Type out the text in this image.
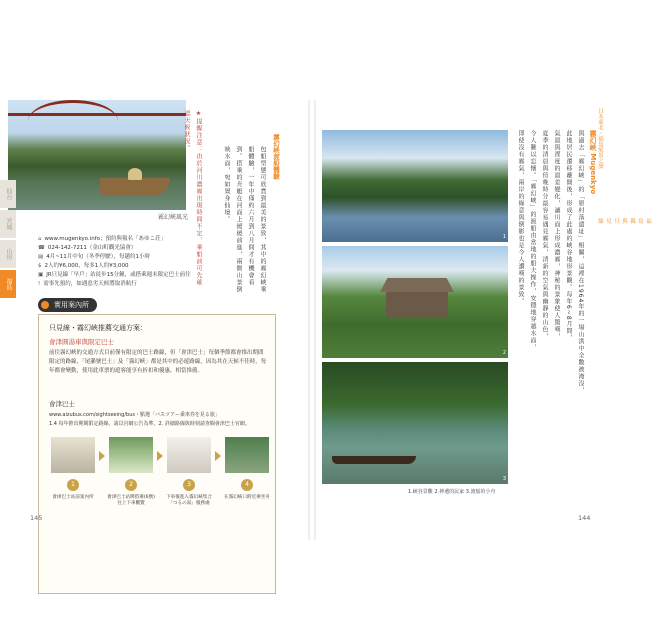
霧幻峽風光
霧幻峽渡船體驗
包船型態可欣賞到最美的景致，其中的霧幻峽乘船體驗，一年中僅約六月到八月間才有機會看到。搭乘的舟艇在河面上緩緩前進，兩側山景倒映水面，宛如置身仙境。
★提醒注意：由於河川濃霧出現時間不定，乘船前可先確認天候狀況。
⌂ www.mugenkyo.info；預約與報名「あゆこ荘」
☎ 024-142-7211（金山町觀光協會）
▤ 4月~11月中旬（冬季停駛），每趟約1小時
$ 2人約¥6,000，每多1人約¥3,000
▣ JR只見線「早戶」站徒步15分鐘，或搭乘週末限定巴士前往
! 需事先預約，如遇惡劣天候將取消航行
實用案內所
只見線・霧幻峽推薦交通方案：
會津圓湯車與限定巴士
前往霧幻峽的交通方式目前僅有限定的巴士路線，但「會津巴士」每個季節都會推出期間限定的路線，「尾瀨號巴士」及「霧幻峽」都是其中的必遊路線，因為其在天候不佳時，每年都會變動，使用此車票的遊客能享有折扣和優惠，相當推薦。
會津巴士
www.aizubus.com/sightseeing/bus・點選「バスツアー乗車券を見る旅」
1.4 每年推出期間限定路線，請以官網公告為準。2. 詳細路線與時刻請查閱會津巴士官網。
1
會津巴士站前案內所
2
會津巴士站牌搭乘(6號)往上下車觀覽
3
下車後進入霧幻峽集合「つるの湯」服務處
4
在霧幻峽口附近乘坐舟
145
仙台
宮城
山形
福島
1
2
3
1.峽谷景觀 2.神遺的民家 3.渡船的小舟
霧幻峽 Mugenkyo
與過去「霧幻峽」的「原村落遺址」相關，這裡在1964年的一場山洪中全數被淹沒，
此地居民遷移離開後，形成了此處的峽谷地形景觀。每年6~8月間，
氣溫與溼度的溫差變化，讓川面上形成濃霧，神秘的景象使人驚嘆，
夏季的清晨與傍晚時分最容易遇見霧氣，清新的空氣與幽靜的山色，
令人難以忘懷。「霧幻峽」的渡船由當地的船夫操作，安穩地穿越水面，
即使沒有霧氣，兩岸的綠意與倒影也是令人讚嘆的景致。	日本東北・福島絕景之旅
福島縣與只見線
144
